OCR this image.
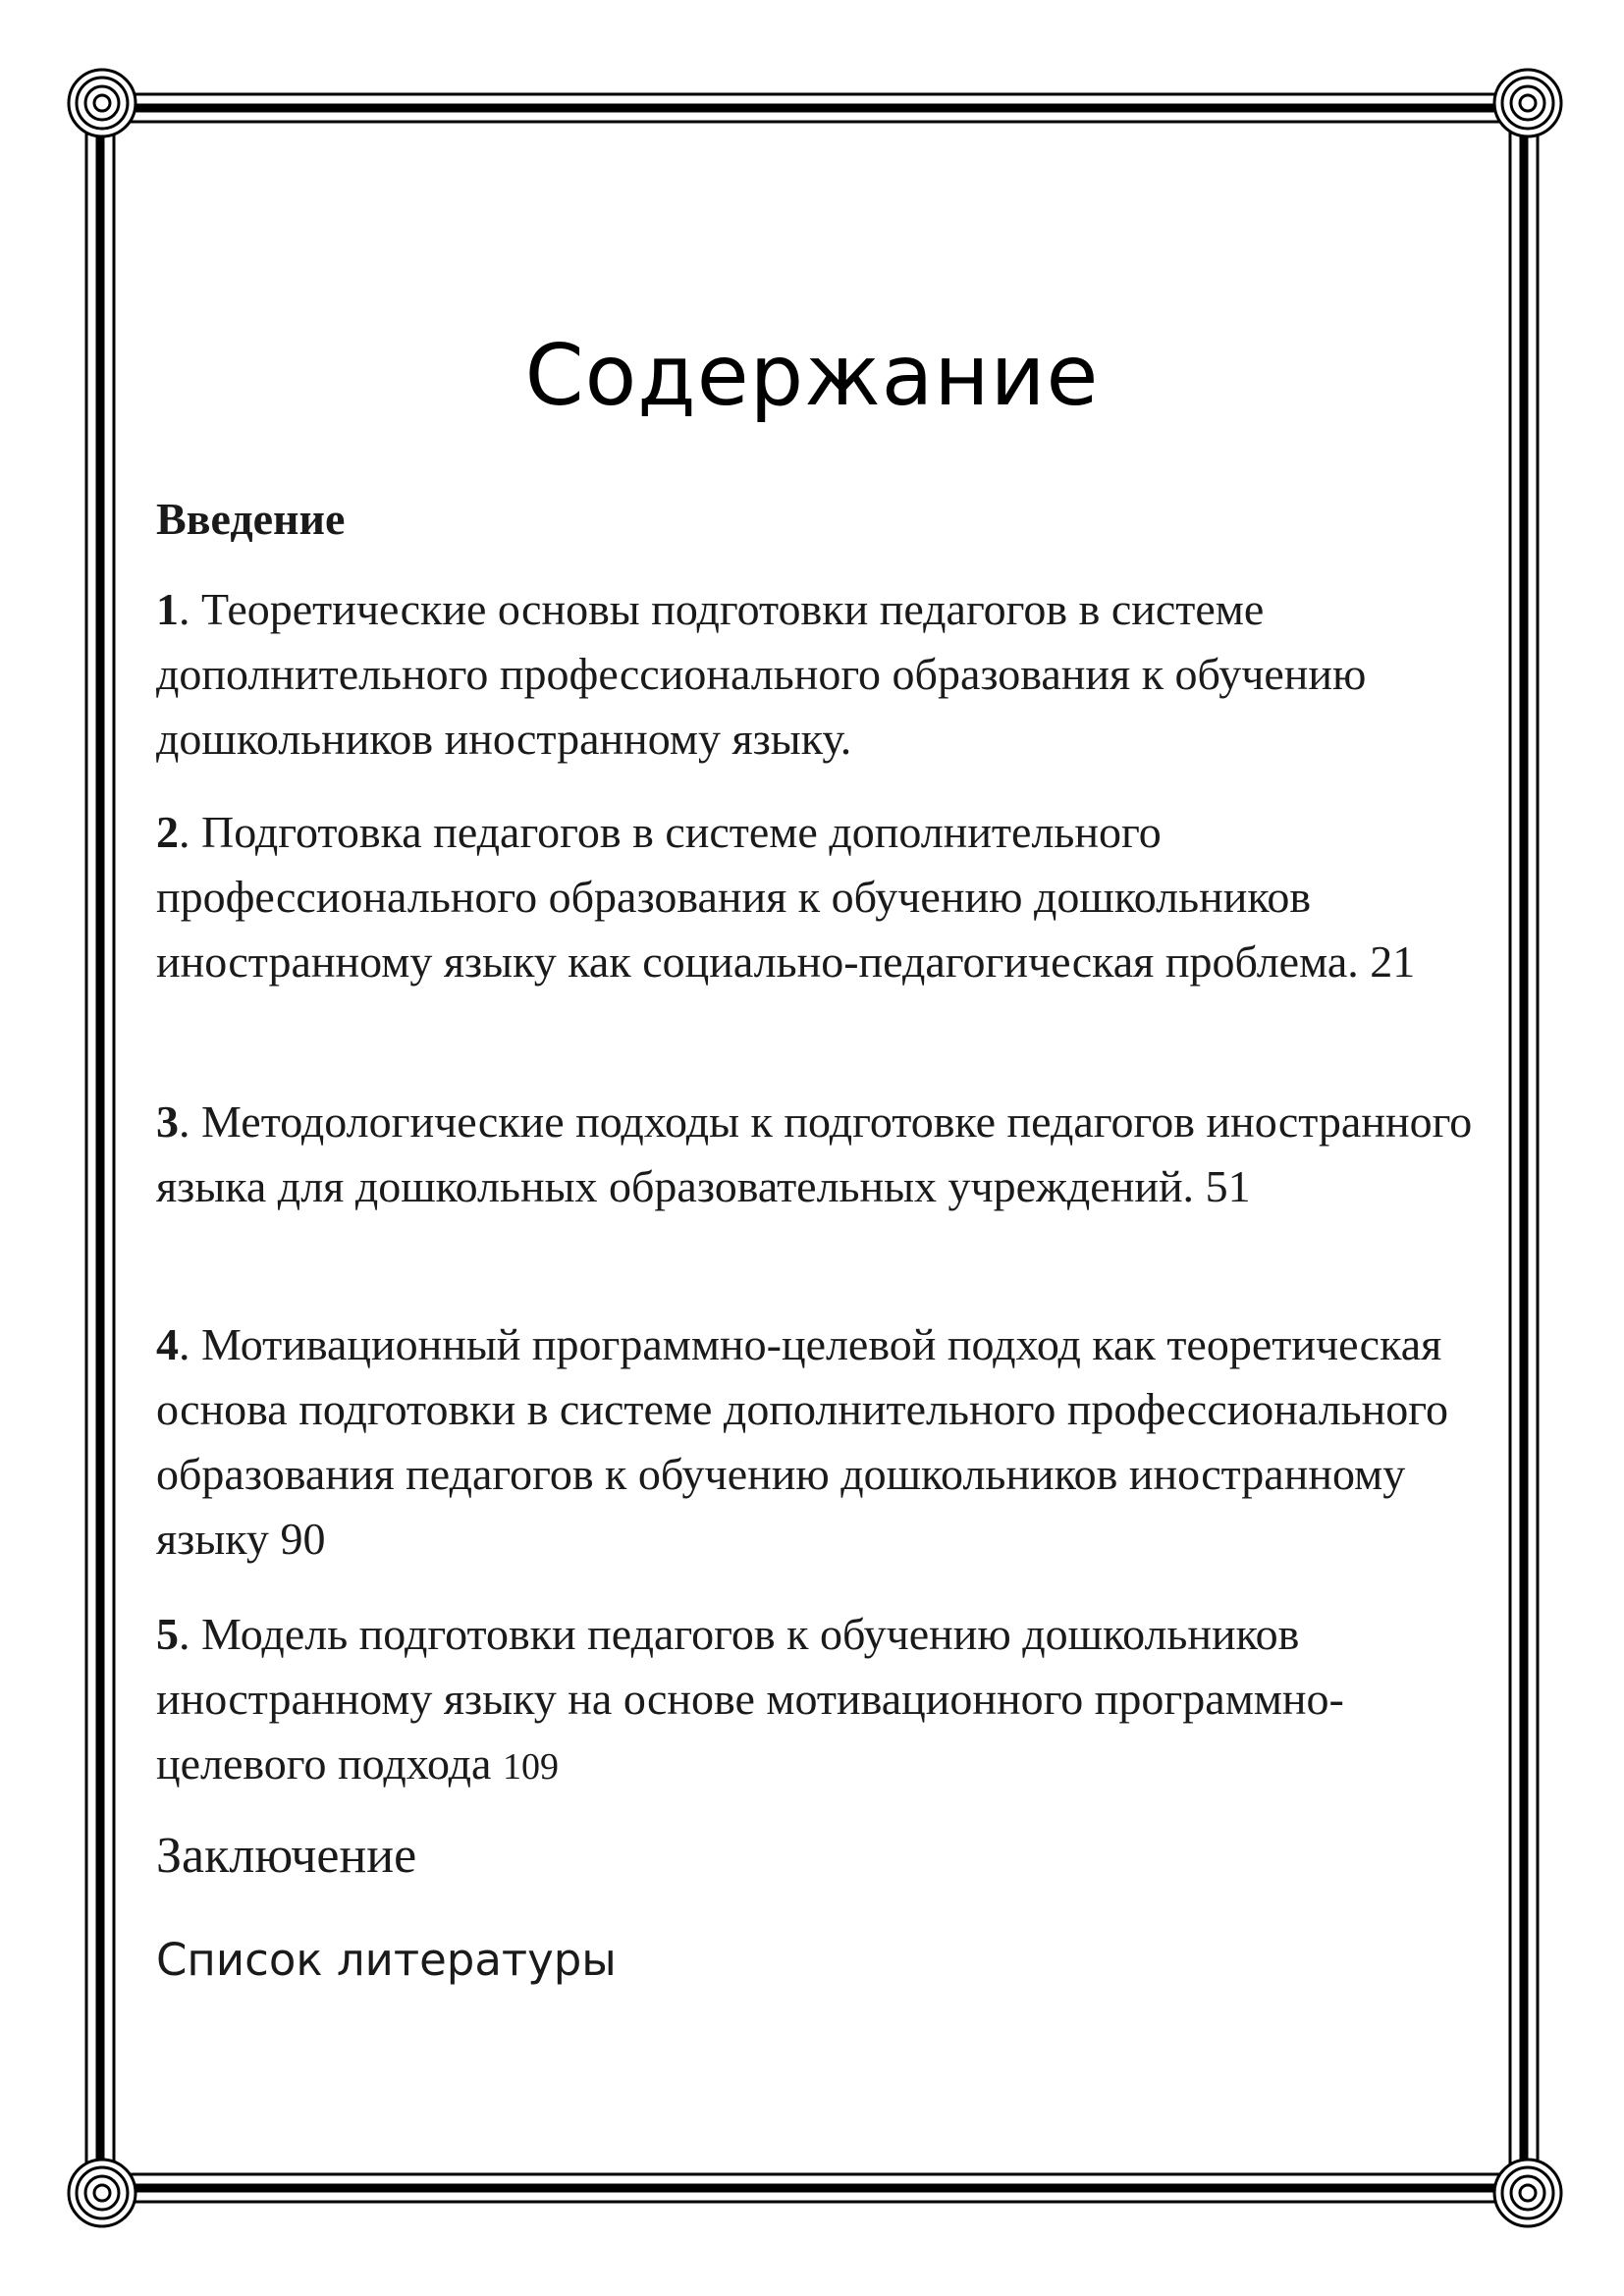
Содержание

Введение

1. Теоретические основы подготовки педагогов в системе дополнительного профессионального образования к обучению дошкольников иностранному языку.

2. Подготовка педагогов в системе дополнительного профессионального образования к обучению дошкольников иностранному языку как социально-педагогическая проблема. 21

3. Методологические подходы к подготовке педагогов иностранного языка для дошкольных образовательных учреждений. 51

4. Мотивационный программно-целевой подход как теоретическая основа подготовки в системе дополнительного профессионального образования педагогов к обучению дошкольников иностранному языку 90

5. Модель подготовки педагогов к обучению дошкольников иностранному языку на основе мотивационного программно-целевого подхода 109

Заключение

Список литературы
